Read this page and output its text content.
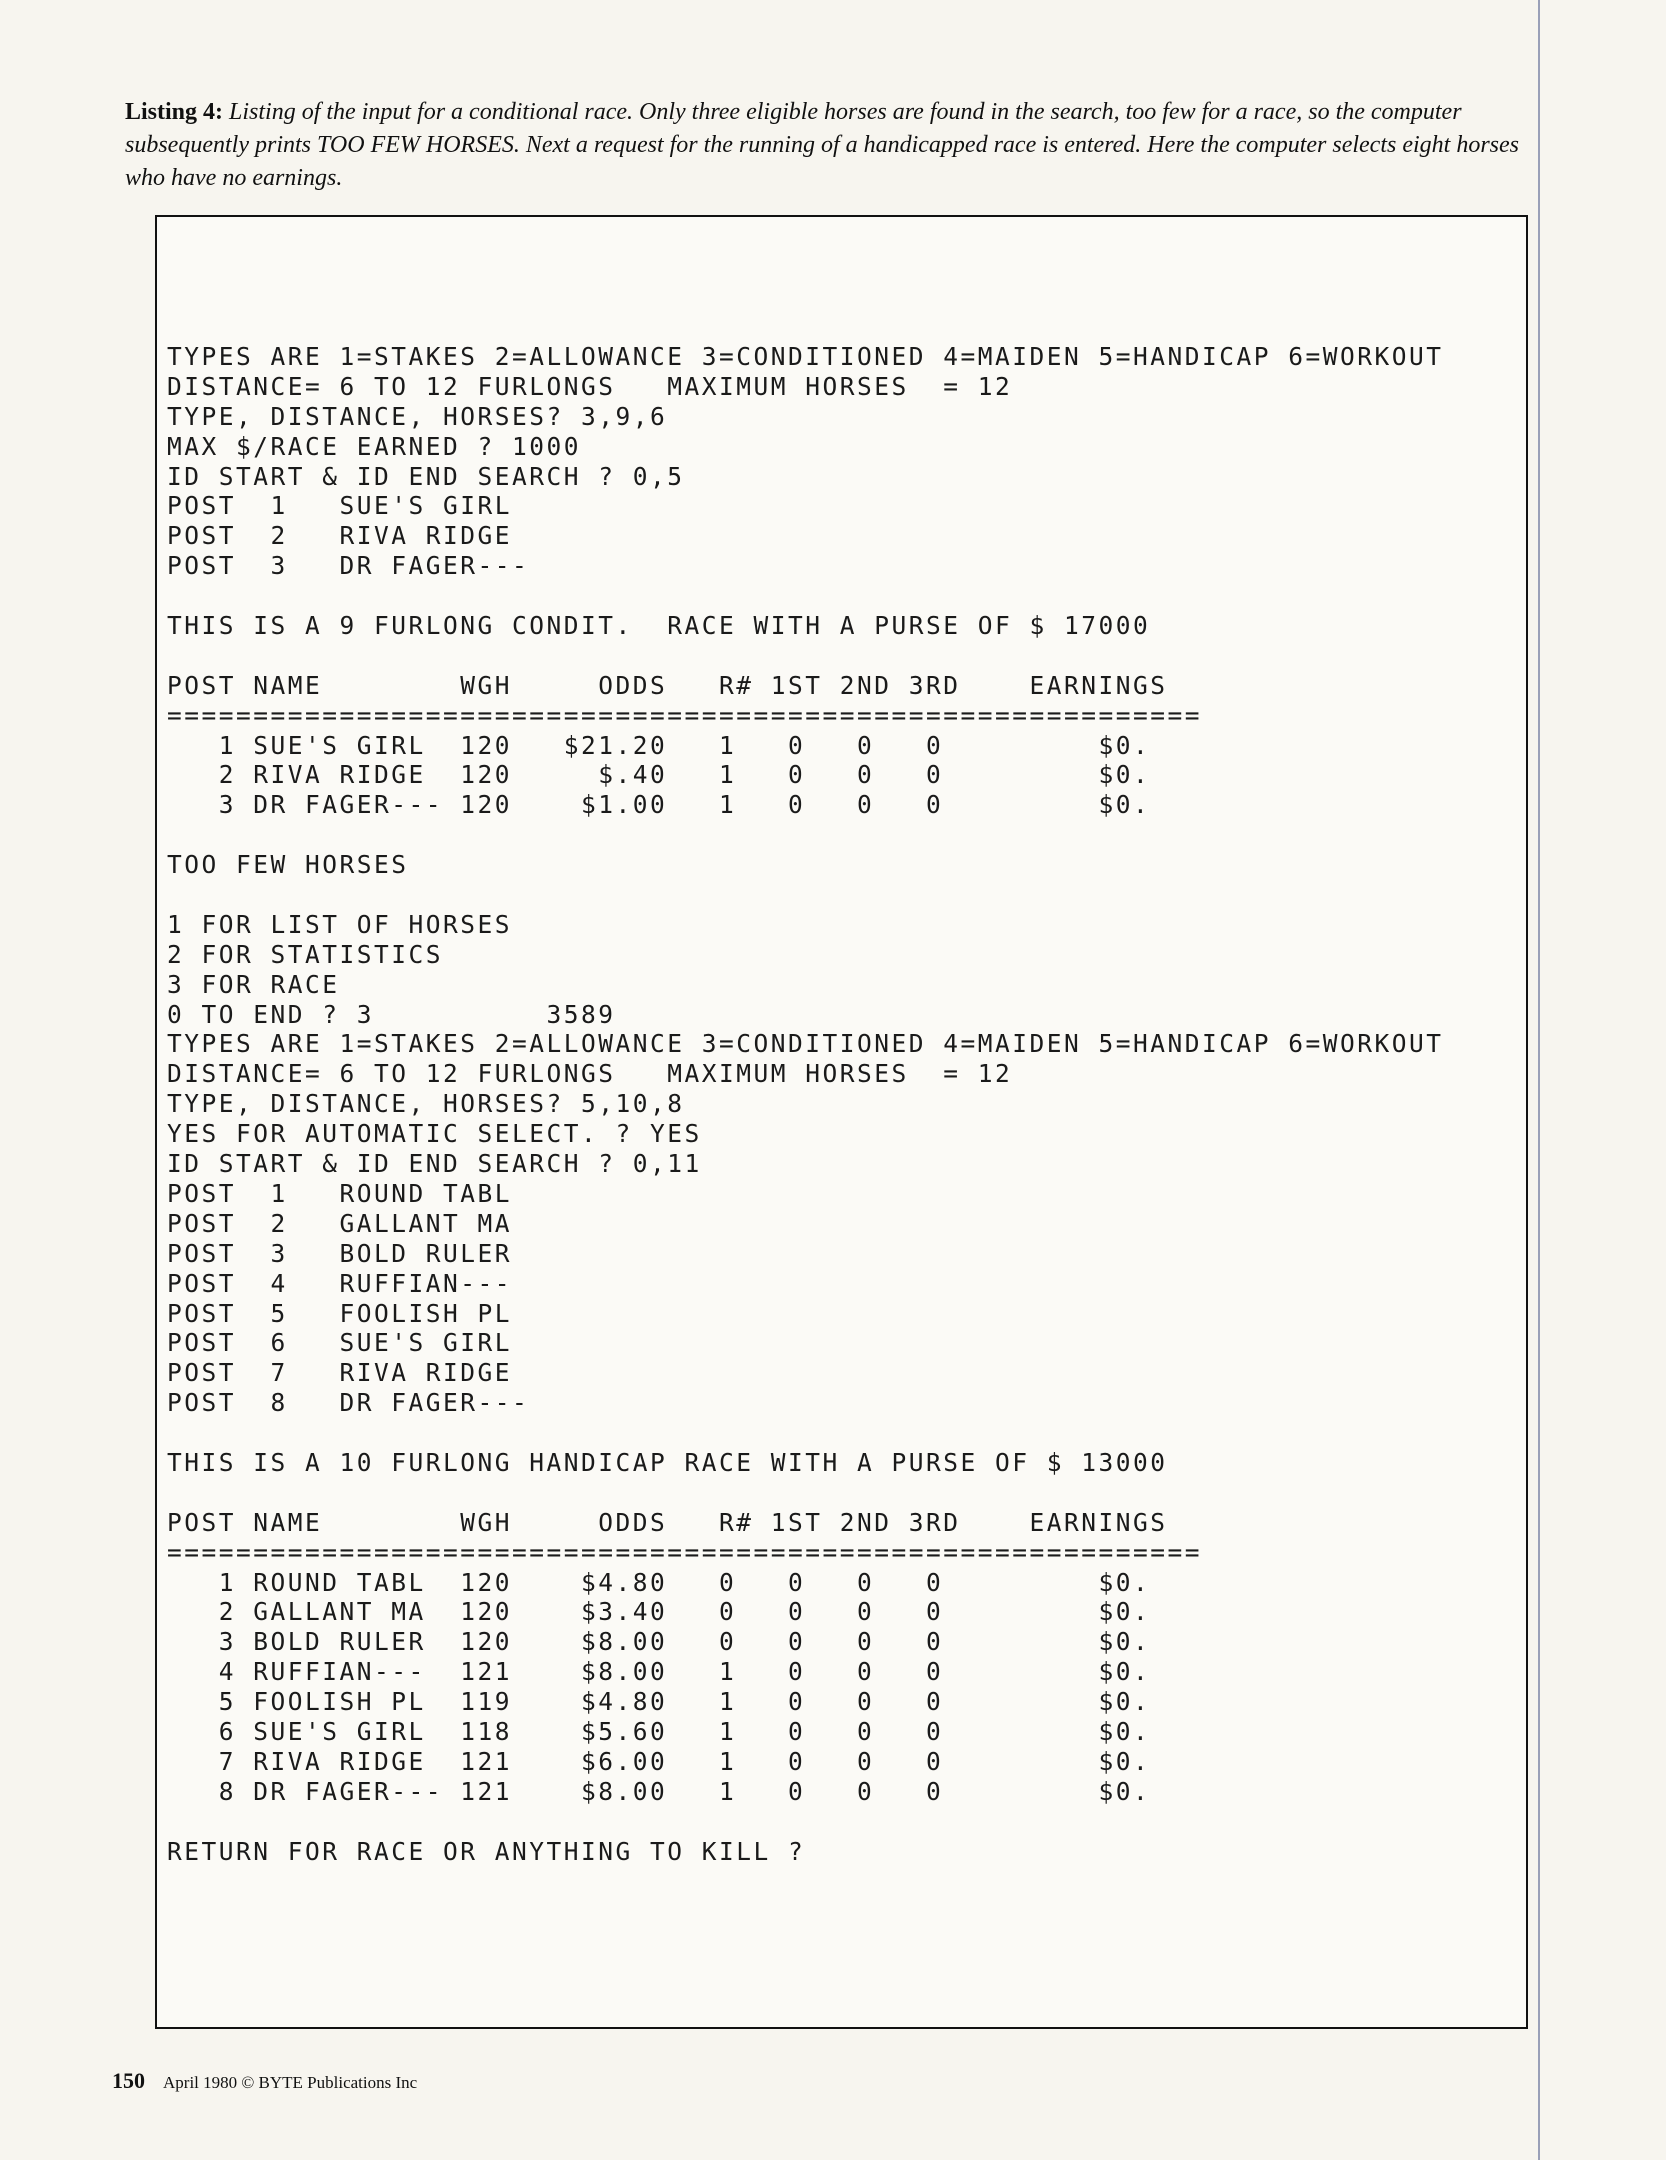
Listing 4: Listing of the input for a conditional race. Only three eligible horses are found in the search, too few for a race, so the computer subsequently prints TOO FEW HORSES. Next a request for the running of a handicapped race is entered. Here the computer selects eight horses who have no earnings.
TYPES ARE 1=STAKES 2=ALLOWANCE 3=CONDITIONED 4=MAIDEN 5=HANDICAP 6=WORKOUT
DISTANCE= 6 TO 12 FURLONGS   MAXIMUM HORSES  = 12
TYPE, DISTANCE, HORSES? 3,9,6
MAX $/RACE EARNED ? 1000
ID START & ID END SEARCH ? 0,5
POST  1   SUE'S GIRL
POST  2   RIVA RIDGE
POST  3   DR FAGER---
THIS IS A 9 FURLONG CONDIT.  RACE WITH A PURSE OF $ 17000
POST NAME        WGH     ODDS   R# 1ST 2ND 3RD    EARNINGS
============================================================
1 SUE'S GIRL  120   $21.20   1   0   0   0         $0.
2 RIVA RIDGE  120     $.40   1   0   0   0         $0.
3 DR FAGER--- 120    $1.00   1   0   0   0         $0.
TOO FEW HORSES
1 FOR LIST OF HORSES
2 FOR STATISTICS
3 FOR RACE
0 TO END ? 3          3589
TYPES ARE 1=STAKES 2=ALLOWANCE 3=CONDITIONED 4=MAIDEN 5=HANDICAP 6=WORKOUT
DISTANCE= 6 TO 12 FURLONGS   MAXIMUM HORSES  = 12
TYPE, DISTANCE, HORSES? 5,10,8
YES FOR AUTOMATIC SELECT. ? YES
ID START & ID END SEARCH ? 0,11
POST  1   ROUND TABL
POST  2   GALLANT MA
POST  3   BOLD RULER
POST  4   RUFFIAN---
POST  5   FOOLISH PL
POST  6   SUE'S GIRL
POST  7   RIVA RIDGE
POST  8   DR FAGER---
THIS IS A 10 FURLONG HANDICAP RACE WITH A PURSE OF $ 13000
POST NAME        WGH     ODDS   R# 1ST 2ND 3RD    EARNINGS
============================================================
1 ROUND TABL  120    $4.80   0   0   0   0         $0.
2 GALLANT MA  120    $3.40   0   0   0   0         $0.
3 BOLD RULER  120    $8.00   0   0   0   0         $0.
4 RUFFIAN---  121    $8.00   1   0   0   0         $0.
5 FOOLISH PL  119    $4.80   1   0   0   0         $0.
6 SUE'S GIRL  118    $5.60   1   0   0   0         $0.
7 RIVA RIDGE  121    $6.00   1   0   0   0         $0.
8 DR FAGER--- 121    $8.00   1   0   0   0         $0.
RETURN FOR RACE OR ANYTHING TO KILL ?
150 April 1980 © BYTE Publications Inc
